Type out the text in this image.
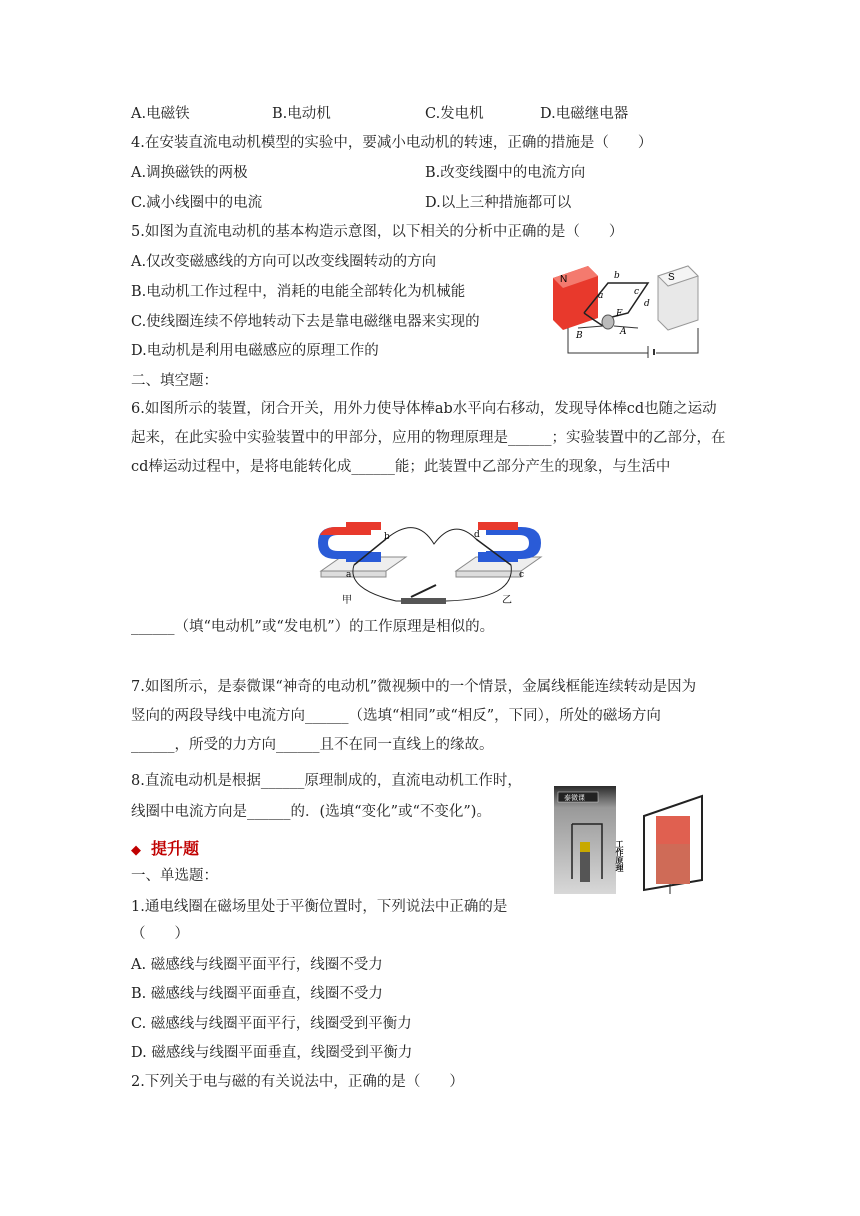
A.电磁铁	B.电动机	C.发电机	D.电磁继电器
4.在安装直流电动机模型的实验中，要减小电动机的转速，正确的措施是（　　）
A.调换磁铁的两极	B.改变线圈中的电流方向
C.减小线圈中的电流	D.以上三种措施都可以
5.如图为直流电动机的基本构造示意图，以下相关的分析中正确的是（　　）
A.仅改变磁感线的方向可以改变线圈转动的方向
B.电动机工作过程中，消耗的电能全部转化为机械能
C.使线圈连续不停地转动下去是靠电磁继电器来实现的
D.电动机是利用电磁感应的原理工作的
N	S
a
b
c
d
B	A
F
二、填空题：
6.如图所示的装置，闭合开关，用外力使导体棒ab水平向右移动，发现导体棒cd也随之运动起来，在此实验中实验装置中的甲部分，应用的物理原理是______；实验装置中的乙部分，在cd棒运动过程中，是将电能转化成______能；此装置中乙部分产生的现象，与生活中
a
b
c
d
甲	乙
______（填“电动机”或“发电机”）的工作原理是相似的。
7.如图所示，是泰微课“神奇的电动机”微视频中的一个情景，金属线框能连续转动是因为
竖向的两段导线中电流方向______（选填“相同”或“相反”，下同），所处的磁场方向
______，所受的力方向______且不在同一直线上的缘故。
8.直流电动机是根据______原理制成的，直流电动机工作时，
线圈中电流方向是______的．(选填“变化”或“不变化”)。
泰微课
工作原理
◆ 提升题
一、单选题：
1.通电线圈在磁场里处于平衡位置时，下列说法中正确的是
（　　）
A. 磁感线与线圈平面平行，线圈不受力
B. 磁感线与线圈平面垂直，线圈不受力
C. 磁感线与线圈平面平行，线圈受到平衡力
D. 磁感线与线圈平面垂直，线圈受到平衡力
2.下列关于电与磁的有关说法中，正确的是（　　）
